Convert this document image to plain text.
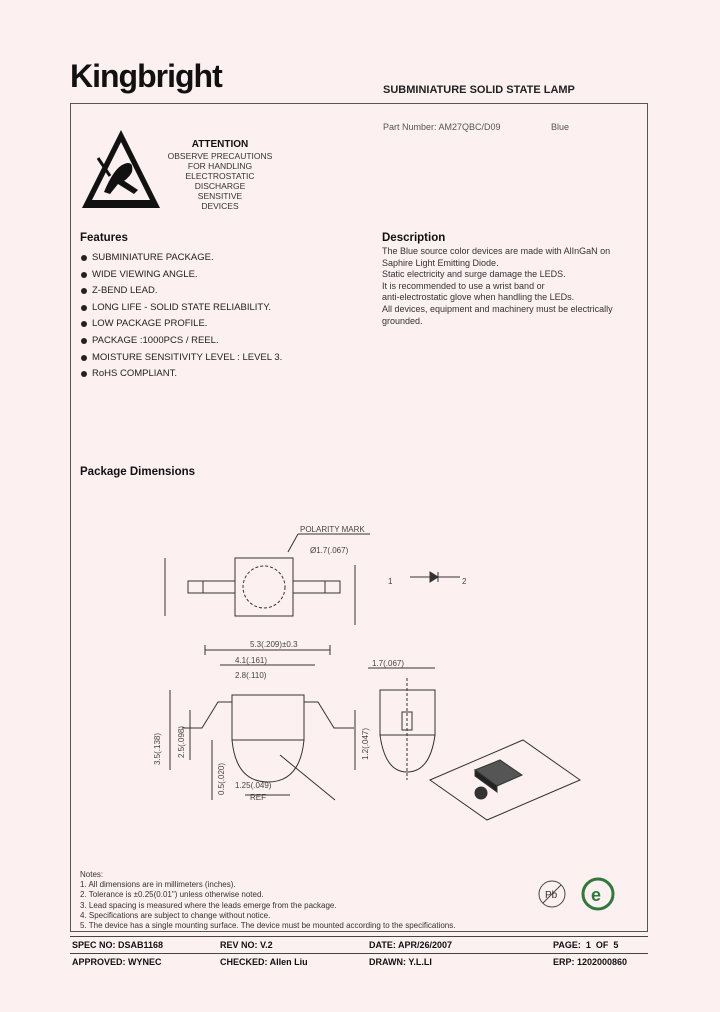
Kingbright	SUBMINIATURE SOLID STATE LAMP
Part Number: AM27QBC/D09	Blue
ATTENTION
OBSERVE PRECAUTIONS
FOR HANDLING
ELECTROSTATIC
DISCHARGE
SENSITIVE
DEVICES
Features
SUBMINIATURE PACKAGE.
WIDE VIEWING ANGLE.
Z-BEND LEAD.
LONG LIFE - SOLID STATE RELIABILITY.
LOW PACKAGE PROFILE.
PACKAGE :1000PCS / REEL.
MOISTURE SENSITIVITY LEVEL : LEVEL 3.
RoHS COMPLIANT.
Description
The Blue source color devices are made with AlInGaN on
Saphire Light Emitting Diode.
Static electricity and surge damage the LEDS.
It is recommended to use a wrist band or
anti-electrostatic glove when handling the LEDs.
All devices, equipment and machinery must be electrically
grounded.
Package Dimensions
POLARITY MARK
Ø1.7(.067)
5.3(.209)±0.3
4.1(.161)
2.8(.110)
1.7(.067)
1	2
1.25(.049)
REF
3.5(.138) 2.5(.098)	1.2(.047)
0.5(.020)
Notes:
1. All dimensions are in millimeters (inches).
2. Tolerance is ±0.25(0.01") unless otherwise noted.
3. Lead spacing is measured where the leads emerge from the package.
4. Specifications are subject to change without notice.
5. The device has a single mounting surface. The device must be mounted according to the specifications.
Pb e
SPEC NO: DSAB1168	REV NO: V.2	DATE: APR/26/2007	PAGE:  1  OF  5
APPROVED: WYNEC	CHECKED: Allen Liu	DRAWN: Y.L.LI	ERP: 1202000860
